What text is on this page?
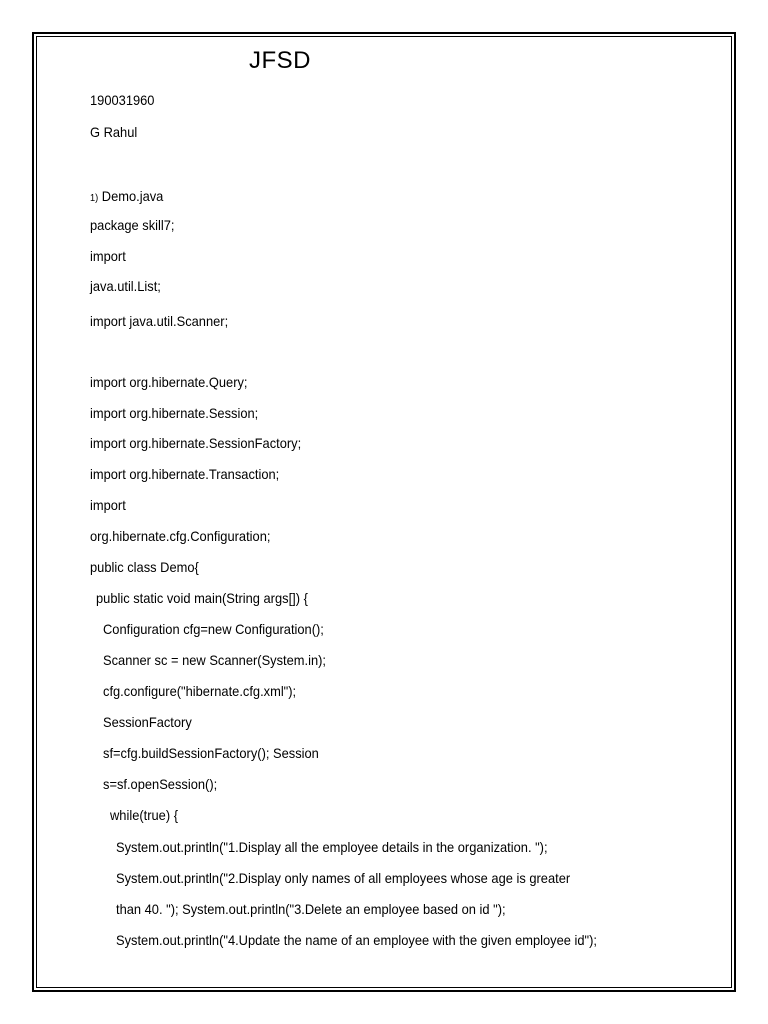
JFSD
190031960
G Rahul
1) Demo.java
package skill7;
import
java.util.List;
import java.util.Scanner;
import org.hibernate.Query;
import org.hibernate.Session;
import org.hibernate.SessionFactory;
import org.hibernate.Transaction;
import
org.hibernate.cfg.Configuration;
public class Demo{
public static void main(String args[]) {
Configuration cfg=new Configuration();
Scanner sc = new Scanner(System.in);
cfg.configure("hibernate.cfg.xml");
SessionFactory
sf=cfg.buildSessionFactory(); Session
s=sf.openSession();
while(true) {
System.out.println("1.Display all the employee details in the organization. ");
System.out.println("2.Display only names of all employees whose age is greater
than 40. "); System.out.println("3.Delete an employee based on id ");
System.out.println("4.Update the name of an employee with the given employee id");
